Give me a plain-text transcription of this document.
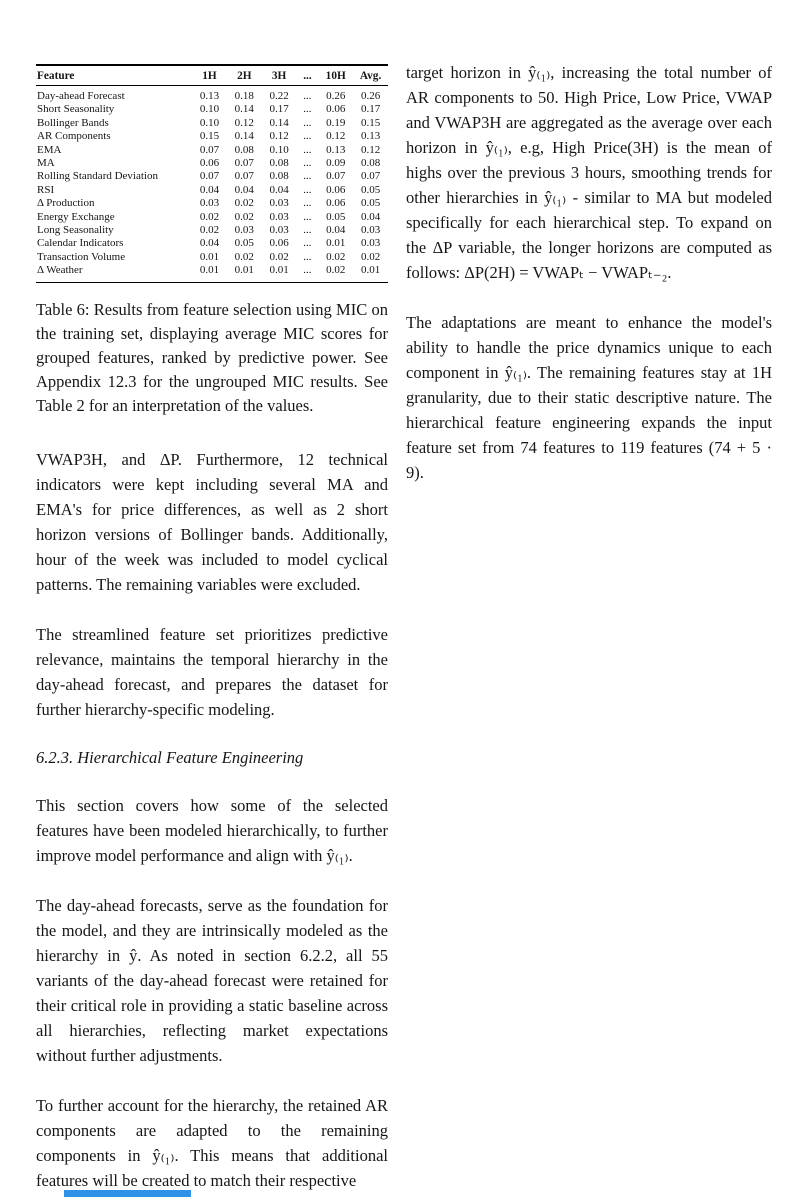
Feature	1H	2H	3H	...	10H	Avg.
Day-ahead Forecast	0.13	0.18	0.22	...	0.26	0.26
Short Seasonality	0.10	0.14	0.17	...	0.06	0.17
Bollinger Bands	0.10	0.12	0.14	...	0.19	0.15
AR Components	0.15	0.14	0.12	...	0.12	0.13
EMA	0.07	0.08	0.10	...	0.13	0.12
MA	0.06	0.07	0.08	...	0.09	0.08
Rolling Standard Deviation	0.07	0.07	0.08	...	0.07	0.07
RSI	0.04	0.04	0.04	...	0.06	0.05
Δ Production	0.03	0.02	0.03	...	0.06	0.05
Energy Exchange	0.02	0.02	0.03	...	0.05	0.04
Long Seasonality	0.02	0.03	0.03	...	0.04	0.03
Calendar Indicators	0.04	0.05	0.06	...	0.01	0.03
Transaction Volume	0.01	0.02	0.02	...	0.02	0.02
Δ Weather	0.01	0.01	0.01	...	0.02	0.01

Table 6: Results from feature selection using MIC on the training set, displaying average MIC scores for grouped features, ranked by predictive power. See Appendix 12.3 for the ungrouped MIC results. See Table 2 for an interpretation of the values.

VWAP3H, and ΔP. Furthermore, 12 technical indicators were kept including several MA and EMA's for price differences, as well as 2 short horizon versions of Bollinger bands. Additionally, hour of the week was included to model cyclical patterns. The remaining variables were excluded.

The streamlined feature set prioritizes predictive relevance, maintains the temporal hierarchy in the day-ahead forecast, and prepares the dataset for further hierarchy-specific modeling.

6.2.3. Hierarchical Feature Engineering

This section covers how some of the selected features have been modeled hierarchically, to further improve model performance and align with ŷ₍₁₎.

The day-ahead forecasts, serve as the foundation for the model, and they are intrinsically modeled as the hierarchy in ŷ. As noted in section 6.2.2, all 55 variants of the day-ahead forecast were retained for their critical role in providing a static baseline across all hierarchies, reflecting market expectations without further adjustments.

To further account for the hierarchy, the retained AR components are adapted to the remaining components in ŷ₍₁₎. This means that additional features will be created to match their respective

target horizon in ŷ₍₁₎, increasing the total number of AR components to 50. High Price, Low Price, VWAP and VWAP3H are aggregated as the average over each horizon in ŷ₍₁₎, e.g, High Price(3H) is the mean of highs over the previous 3 hours, smoothing trends for other hierarchies in ŷ₍₁₎ - similar to MA but modeled specifically for each hierarchical step. To expand on the ΔP variable, the longer horizons are computed as follows: ΔP(2H) = VWAPₜ − VWAPₜ₋₂.

The adaptations are meant to enhance the model's ability to handle the price dynamics unique to each component in ŷ₍₁₎. The remaining features stay at 1H granularity, due to their static descriptive nature. The hierarchical feature engineering expands the input feature set from 74 features to 119 features (74 + 5 · 9).
